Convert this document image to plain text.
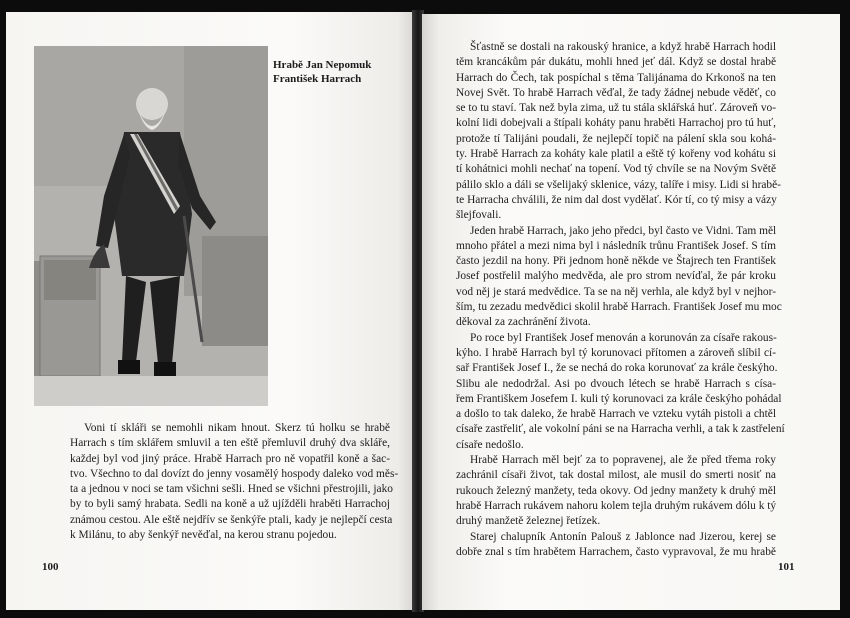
Hrabě Jan Nepomuk
František Harrach
Voni tí skláři se nemohli nikam hnout. Skerz tú holku se hrabě
Harrach s tím sklářem smluvil a ten eště přemluvil druhý dva skláře,
každej byl vod jiný práce. Hrabě Harrach pro ně vopatřil koně a šac-
tvo. Všechno to dal dovízt do jenny vosamělý hospody daleko vod měs-
ta a jednou v noci se tam všichni sešli. Hned se všichni přestrojili, jako
by to byli samý hrabata. Sedli na koně a už ujížděli hraběti Harrachoj
známou cestou. Ale eště nejdřív se šenkýře ptali, kady je nejlepčí cesta
k Milánu, to aby šenkýř nevěďal, na kerou stranu pojedou.
Šťastně se dostali na rakouský hranice, a když hrabě Harrach hodil
těm krancákům pár dukátu, mohli hned jeť dál. Když se dostal hrabě
Harrach do Čech, tak pospíchal s těma Talijánama do Krkonoš na ten
Novej Svět. To hrabě Harrach věďal, že tady žádnej nebude věděť, co
se to tu staví. Tak než byla zima, už tu stála sklářská huť. Zároveň vo-
kolní lidi dobejvali a štípali koháty panu hraběti Harrachoj pro tú huť,
protože tí Talijáni poudali, že nejlepčí topič na pálení skla sou kohá-
ty. Hrabě Harrach za koháty kale platil a eště tý kořeny vod kohátu si
tí kohátnici mohli nechať na topení. Vod tý chvíle se na Novým Světě
pálilo sklo a dáli se všelijaký sklenice, vázy, talíře i misy. Lidi si hrabě-
te Harracha chválili, že nim dal dost vydělať. Kór tí, co tý misy a vázy
šlejfovali.
Jeden hrabě Harrach, jako jeho předci, byl často ve Vidni. Tam měl
mnoho přátel a mezi nima byl i následník trůnu František Josef. S tím
často jezdil na hony. Při jednom honě někde ve Štajrech ten František
Josef postřelil malýho medvěda, ale pro strom nevíďal, že pár kroku
vod něj je stará medvědice. Ta se na něj verhla, ale když byl v nejhor-
ším, tu zezadu medvědici skolil hrabě Harrach. František Josef mu moc
děkoval za zachránění života.
Po roce byl František Josef menován a korunován za císaře rakous-
kýho. I hrabě Harrach byl tý korunovaci přítomen a zároveň slíbil cí-
sař František Josef I., že se nechá do roka korunovať za krále českýho.
Slibu ale nedodržal. Asi po dvouch létech se hrabě Harrach s císa-
řem Františkem Josefem I. kuli tý korunovaci za krále českýho pohádal
a došlo to tak daleko, že hrabě Harrach ve vzteku vytáh pistoli a chtěl
císaře zastřeliť, ale vokolní páni se na Harracha verhli, a tak k zastřelení
císaře nedošlo.
Hrabě Harrach měl bejť za to popravenej, ale že před třema roky
zachránil císaři život, tak dostal milost, ale musil do smerti nosiť na
rukouch železný manžety, teda okovy. Od jedny manžety k druhý měl
hrabě Harrach rukávem nahoru kolem tejla druhým rukávem dólu k tý
druhý manžetě železnej řetízek.
Starej chalupník Antonín Palouš z Jablonce nad Jizerou, kerej se
dobře znal s tím hrabětem Harrachem, často vypravoval, že mu hrabě
100	101
